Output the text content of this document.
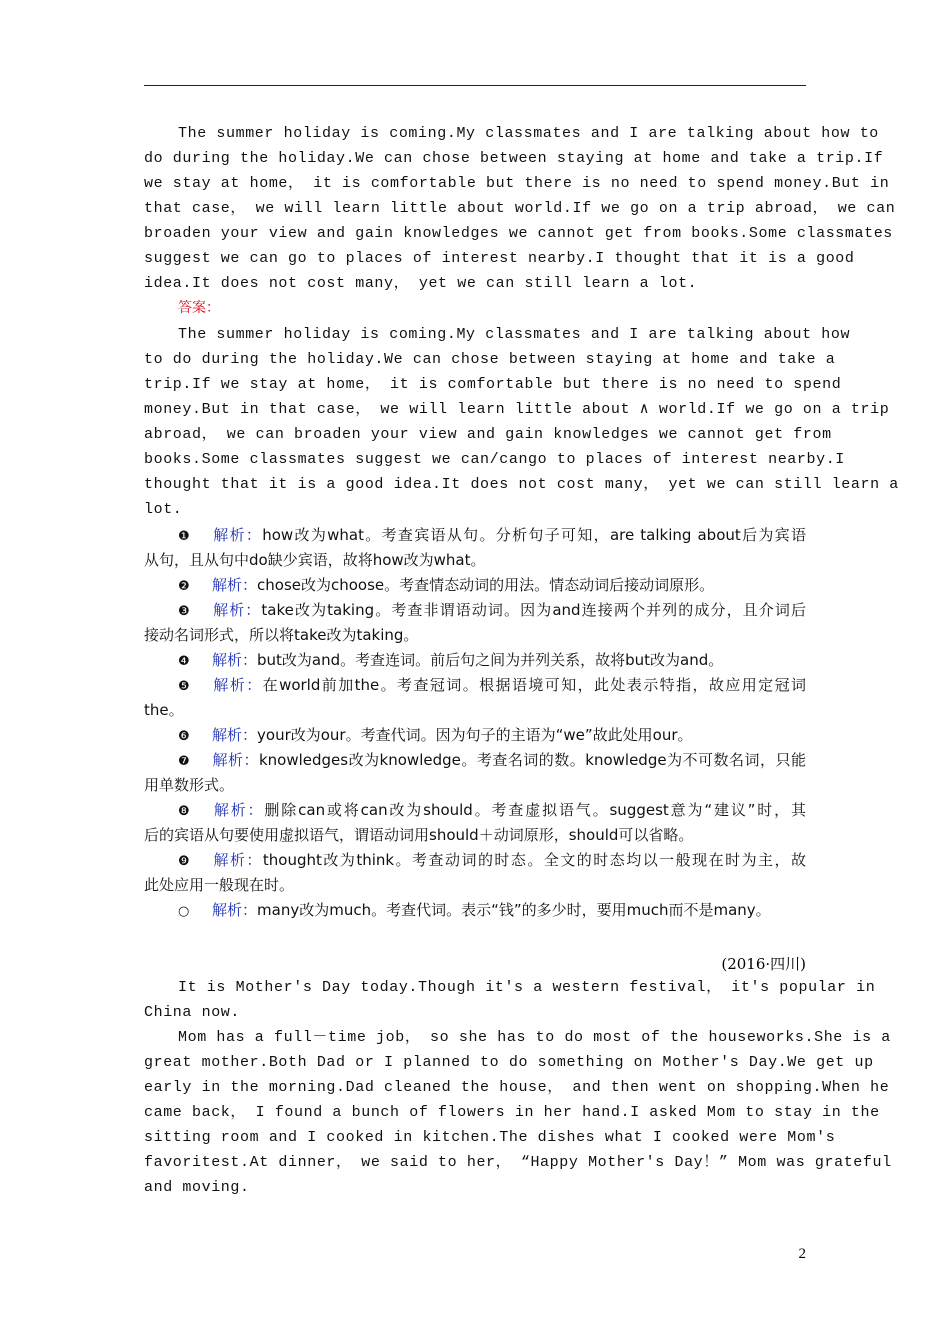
The summer holiday is coming.My classmates and I are talking about how to
do during the holiday.We can chose between staying at home and take a trip.If
we stay at home， it is comfortable but there is no need to spend money.But in
that case， we will learn little about world.If we go on a trip abroad， we can
broaden your view and gain knowledges we cannot get from books.Some classmates
suggest we can go to places of interest nearby.I thought that it is a good
idea.It does not cost many， yet we can still learn a lot.
答案：
The summer holiday is coming.My classmates and I are talking about how
to do during the holiday.We can chose between staying at home and take a
trip.If we stay at home， it is comfortable but there is no need to spend
money.But in that case， we will learn little about ∧ world.If we go on a trip
abroad， we can broaden your view and gain knowledges we cannot get from
books.Some classmates suggest we can/cango to places of interest nearby.I
thought that it is a good idea.It does not cost many， yet we can still learn a
lot.
❶ 解析：how改为what。考查宾语从句。分析句子可知，are talking about后为宾语
从句，且从句中do缺少宾语，故将how改为what。
❷ 解析：chose改为choose。考查情态动词的用法。情态动词后接动词原形。
❸ 解析：take改为taking。考查非谓语动词。因为and连接两个并列的成分，且介词后
接动名词形式，所以将take改为taking。
❹ 解析：but改为and。考查连词。前后句之间为并列关系，故将but改为and。
❺ 解析：在world前加the。考查冠词。根据语境可知，此处表示特指，故应用定冠词
the。
❻ 解析：your改为our。考查代词。因为句子的主语为“we”故此处用our。
❼ 解析：knowledges改为knowledge。考查名词的数。knowledge为不可数名词，只能
用单数形式。
❽ 解析：删除can或将can改为should。考查虚拟语气。suggest意为“建议”时，其
后的宾语从句要使用虚拟语气，谓语动词用should＋动词原形，should可以省略。
❾ 解析：thought改为think。考查动词的时态。全文的时态均以一般现在时为主，故
此处应用一般现在时。
○ 解析：many改为much。考查代词。表示“钱”的多少时，要用much而不是many。
(2016·四川)
It is Mother's Day today.Though it's a western festival， it's popular in
China now.
Mom has a full－time job， so she has to do most of the houseworks.She is a
great mother.Both Dad or I planned to do something on Mother's Day.We get up
early in the morning.Dad cleaned the house， and then went on shopping.When he
came back， I found a bunch of flowers in her hand.I asked Mom to stay in the
sitting room and I cooked in kitchen.The dishes what I cooked were Mom's
favoritest.At dinner， we said to her， “Happy Mother's Day！” Mom was grateful
and moving.
2
